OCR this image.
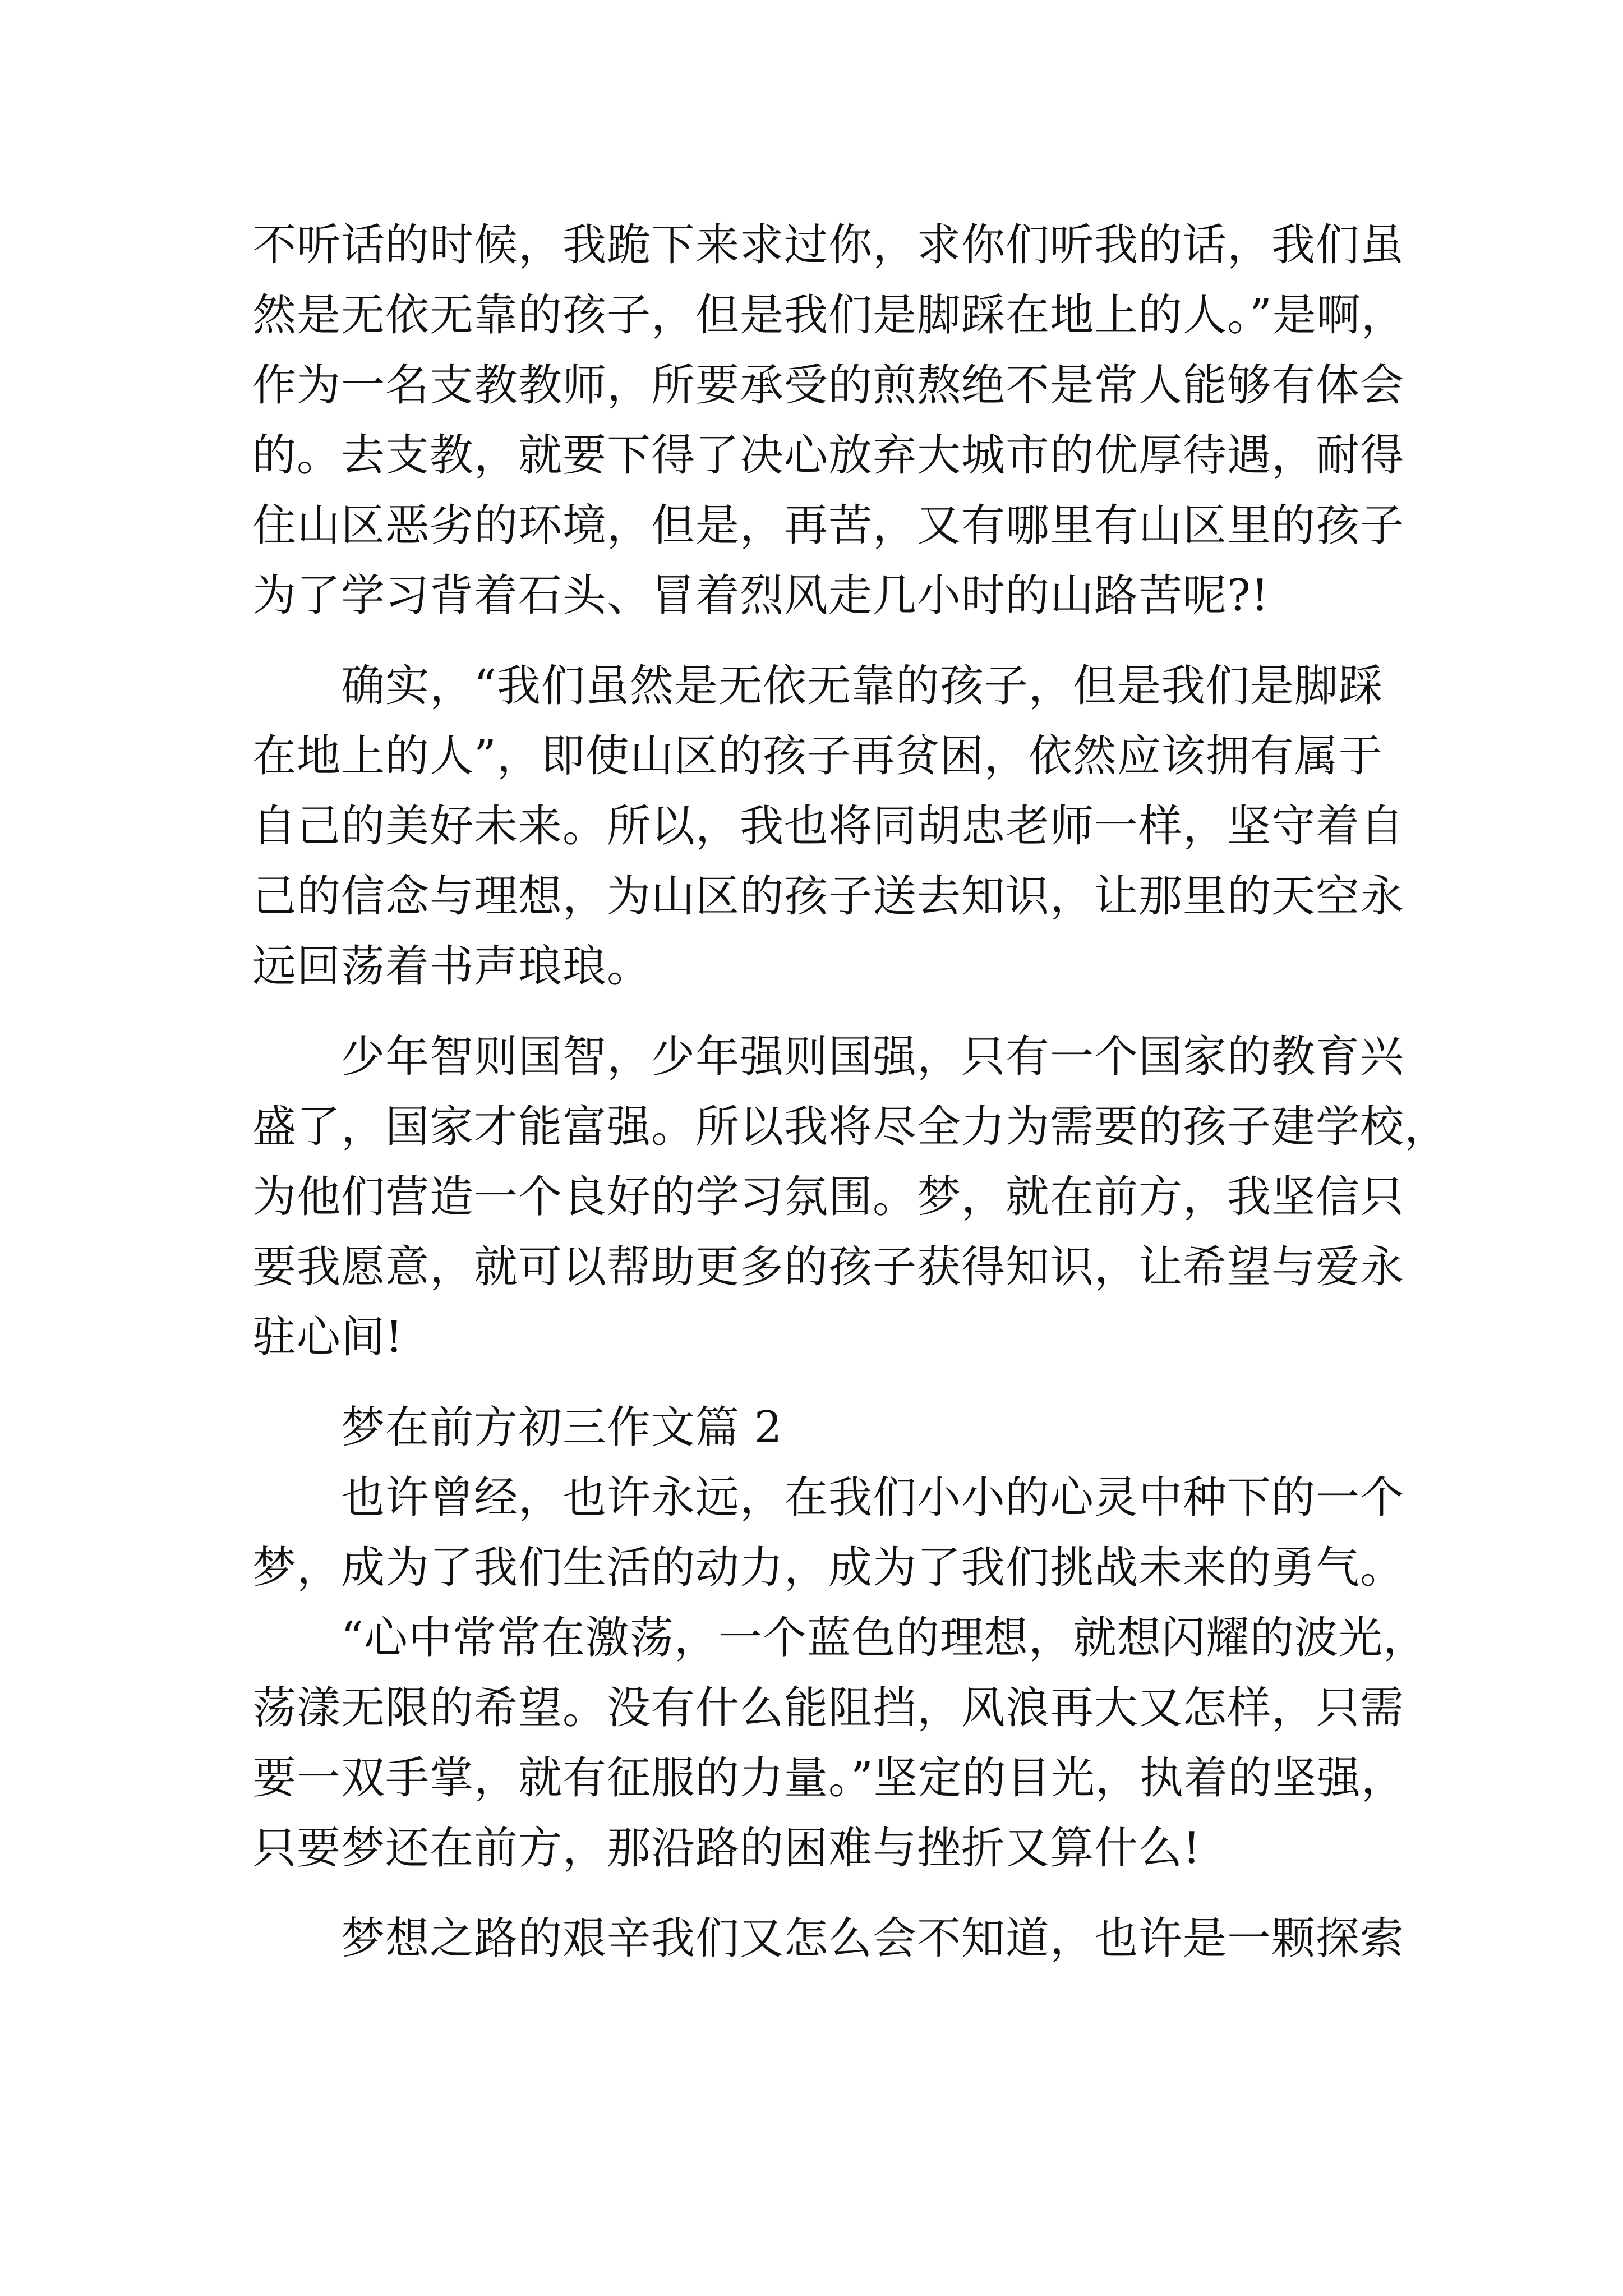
不听话的时候，我跪下来求过你，求你们听我的话，我们虽
然是无依无靠的孩子，但是我们是脚踩在地上的人。”是啊，
作为一名支教教师，所要承受的煎熬绝不是常人能够有体会
的。去支教，就要下得了决心放弃大城市的优厚待遇，耐得
住山区恶劣的环境，但是，再苦，又有哪里有山区里的孩子
为了学习背着石头、冒着烈风走几小时的山路苦呢?!
确实，“我们虽然是无依无靠的孩子，但是我们是脚踩
在地上的人”，即使山区的孩子再贫困，依然应该拥有属于
自己的美好未来。所以，我也将同胡忠老师一样，坚守着自
己的信念与理想，为山区的孩子送去知识，让那里的天空永
远回荡着书声琅琅。
少年智则国智，少年强则国强，只有一个国家的教育兴
盛了，国家才能富强。所以我将尽全力为需要的孩子建学校，
为他们营造一个良好的学习氛围。梦，就在前方，我坚信只
要我愿意，就可以帮助更多的孩子获得知识，让希望与爱永
驻心间!
梦在前方初三作文篇 2
也许曾经，也许永远，在我们小小的心灵中种下的一个
梦，成为了我们生活的动力，成为了我们挑战未来的勇气。
“心中常常在激荡，一个蓝色的理想，就想闪耀的波光，
荡漾无限的希望。没有什么能阻挡，风浪再大又怎样，只需
要一双手掌，就有征服的力量。”坚定的目光，执着的坚强，
只要梦还在前方，那沿路的困难与挫折又算什么!
梦想之路的艰辛我们又怎么会不知道，也许是一颗探索
